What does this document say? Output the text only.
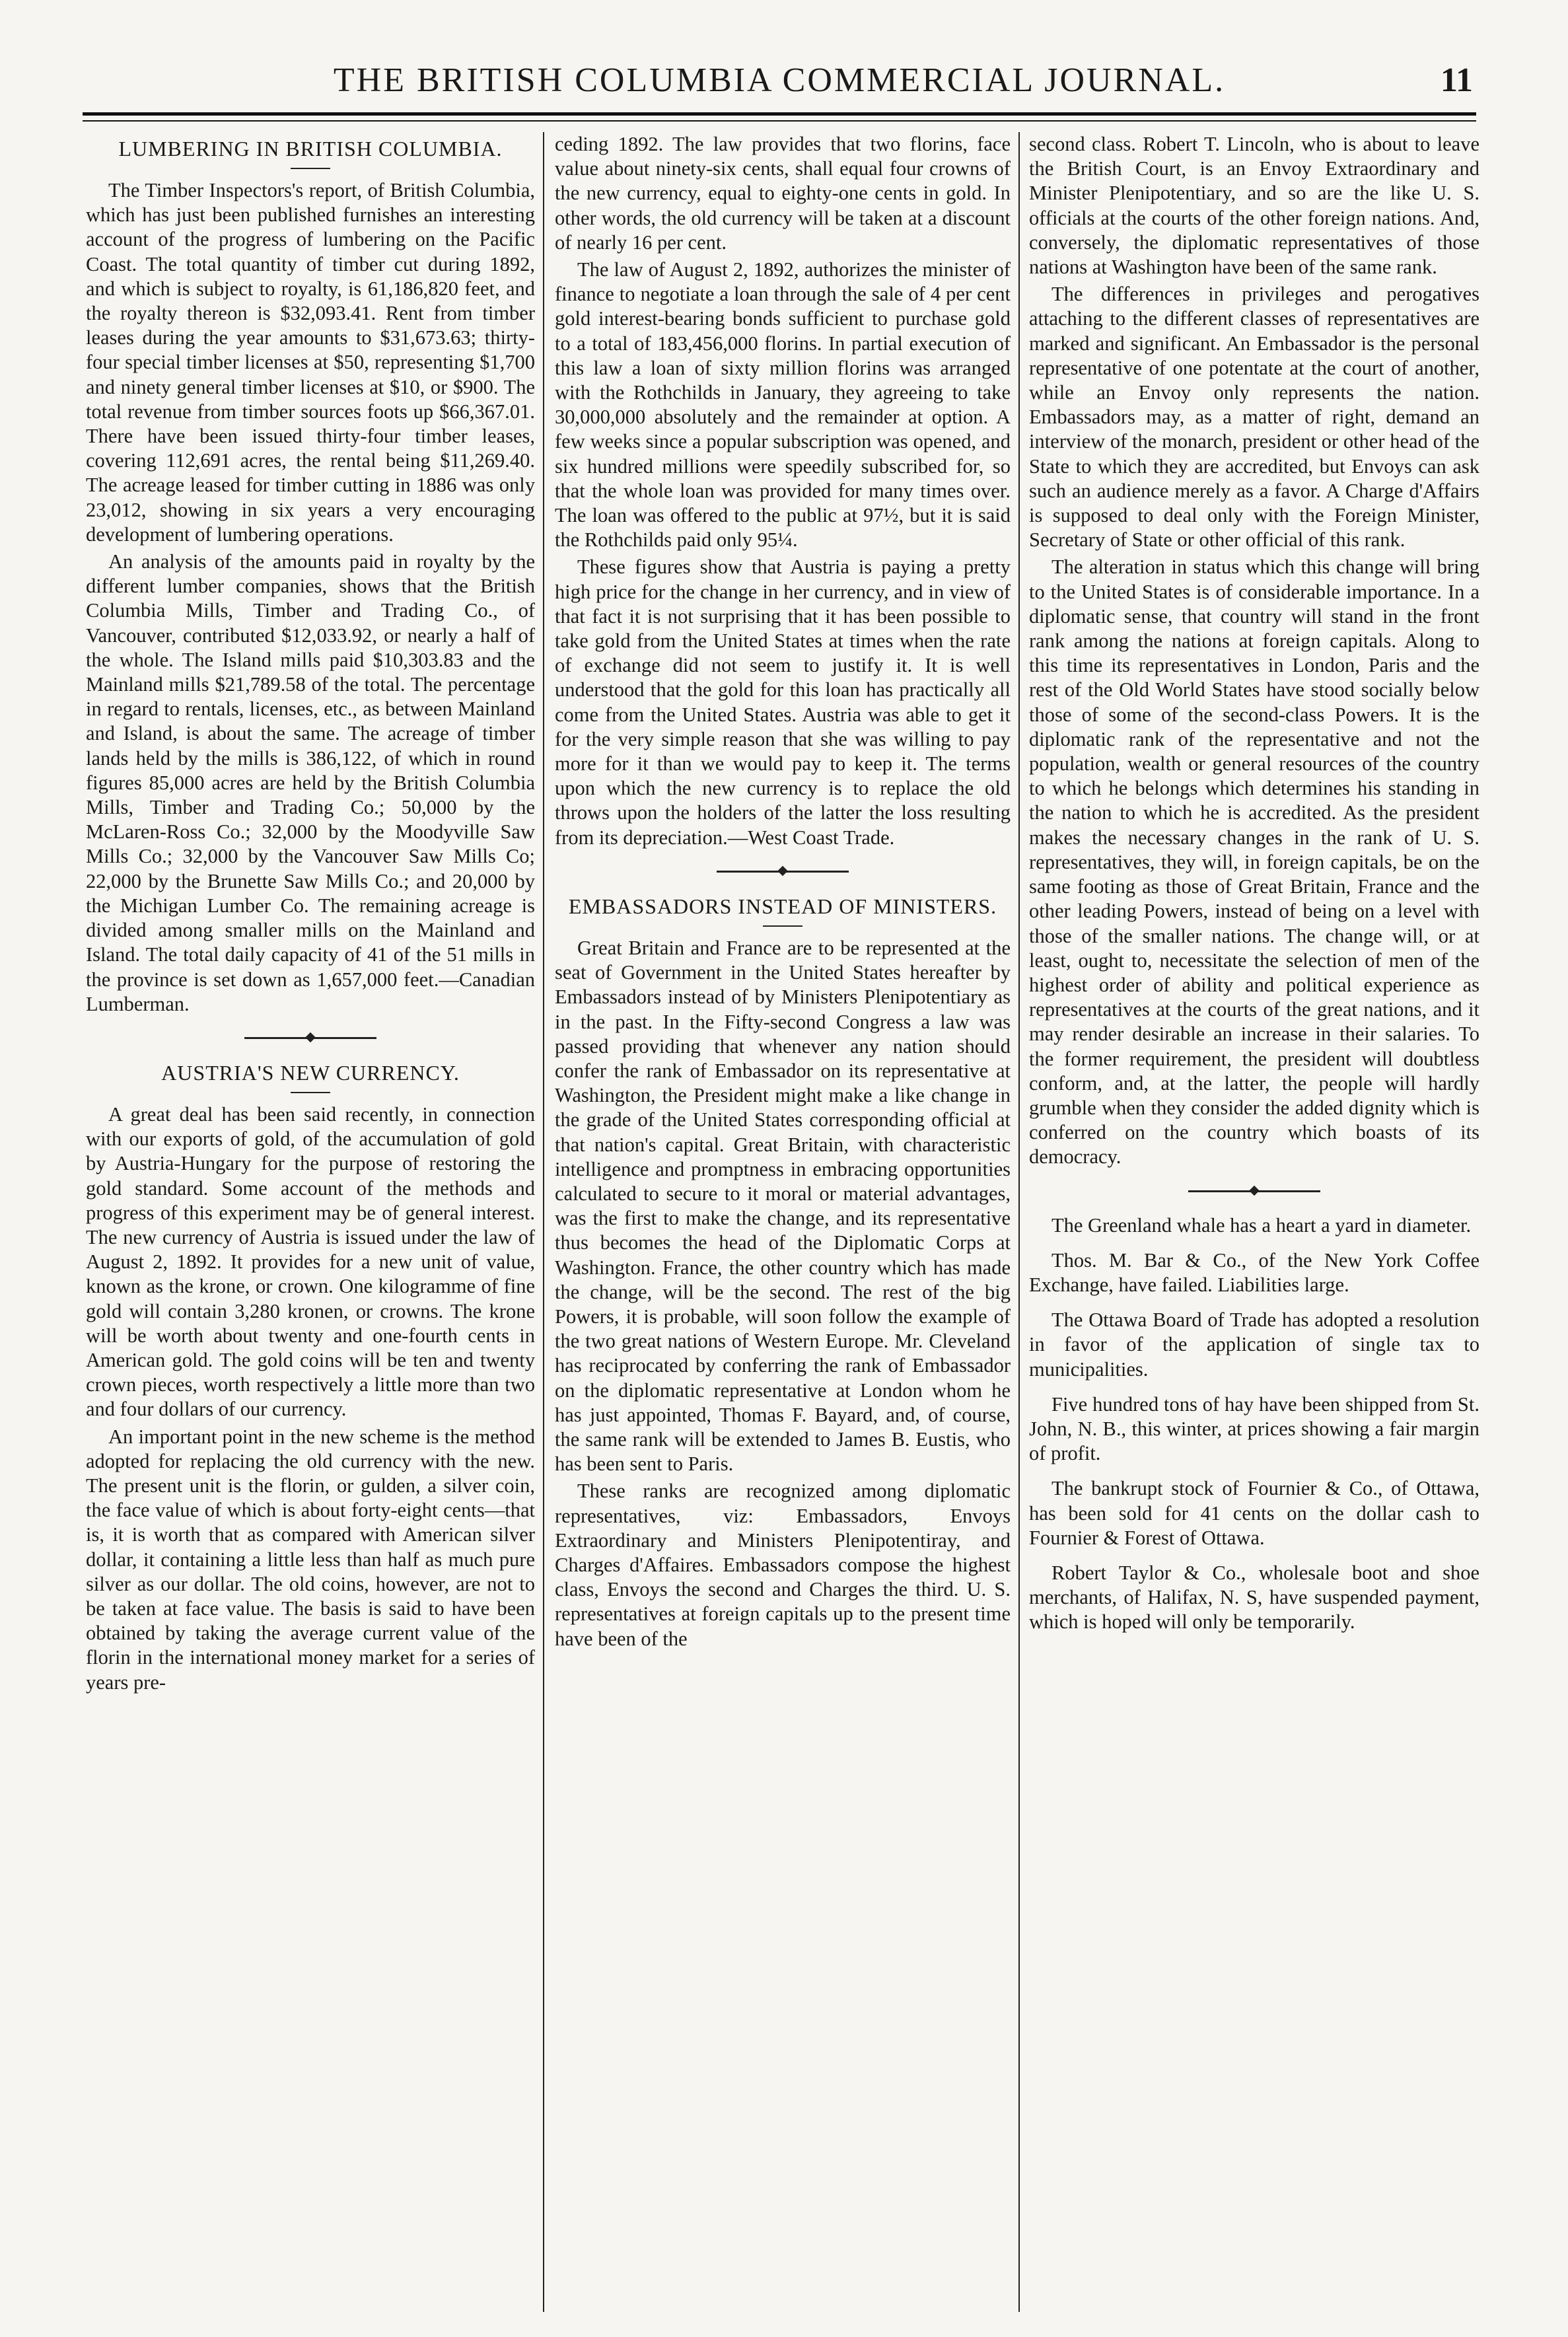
THE BRITISH COLUMBIA COMMERCIAL JOURNAL.	11
LUMBERING IN BRITISH COLUMBIA.

The Timber Inspectors's report, of British Columbia, which has just been published furnishes an interesting account of the progress of lumbering on the Pacific Coast. The total quantity of timber cut during 1892, and which is subject to royalty, is 61,186,820 feet, and the royalty thereon is $32,093.41. Rent from timber leases during the year amounts to $31,673.63; thirty-four special timber licenses at $50, representing $1,700 and ninety general timber licenses at $10, or $900. The total revenue from timber sources foots up $66,367.01. There have been issued thirty-four timber leases, covering 112,691 acres, the rental being $11,269.40. The acreage leased for timber cutting in 1886 was only 23,012, showing in six years a very encouraging development of lumbering operations.

An analysis of the amounts paid in royalty by the different lumber companies, shows that the British Columbia Mills, Timber and Trading Co., of Vancouver, contributed $12,033.92, or nearly a half of the whole. The Island mills paid $10,303.83 and the Mainland mills $21,789.58 of the total. The percentage in regard to rentals, licenses, etc., as between Mainland and Island, is about the same. The acreage of timber lands held by the mills is 386,122, of which in round figures 85,000 acres are held by the British Columbia Mills, Timber and Trading Co.; 50,000 by the McLaren-Ross Co.; 32,000 by the Moodyville Saw Mills Co.; 32,000 by the Vancouver Saw Mills Co; 22,000 by the Brunette Saw Mills Co.; and 20,000 by the Michigan Lumber Co. The remaining acreage is divided among smaller mills on the Mainland and Island. The total daily capacity of 41 of the 51 mills in the province is set down as 1,657,000 feet.—Canadian Lumberman.

AUSTRIA'S NEW CURRENCY.

A great deal has been said recently, in connection with our exports of gold, of the accumulation of gold by Austria-Hungary for the purpose of restoring the gold standard. Some account of the methods and progress of this experiment may be of general interest. The new currency of Austria is issued under the law of August 2, 1892. It provides for a new unit of value, known as the krone, or crown. One kilogramme of fine gold will contain 3,280 kronen, or crowns. The krone will be worth about twenty and one-fourth cents in American gold. The gold coins will be ten and twenty crown pieces, worth respectively a little more than two and four dollars of our currency.

An important point in the new scheme is the method adopted for replacing the old currency with the new. The present unit is the florin, or gulden, a silver coin, the face value of which is about forty-eight cents—that is, it is worth that as compared with American silver dollar, it containing a little less than half as much pure silver as our dollar. The old coins, however, are not to be taken at face value. The basis is said to have been obtained by taking the average current value of the florin in the international money market for a series of years pre-

ceding 1892. The law provides that two florins, face value about ninety-six cents, shall equal four crowns of the new currency, equal to eighty-one cents in gold. In other words, the old currency will be taken at a discount of nearly 16 per cent.

The law of August 2, 1892, authorizes the minister of finance to negotiate a loan through the sale of 4 per cent gold interest-bearing bonds sufficient to purchase gold to a total of 183,456,000 florins. In partial execution of this law a loan of sixty million florins was arranged with the Rothchilds in January, they agreeing to take 30,000,000 absolutely and the remainder at option. A few weeks since a popular subscription was opened, and six hundred millions were speedily subscribed for, so that the whole loan was provided for many times over. The loan was offered to the public at 97½, but it is said the Rothchilds paid only 95¼.

These figures show that Austria is paying a pretty high price for the change in her currency, and in view of that fact it is not surprising that it has been possible to take gold from the United States at times when the rate of exchange did not seem to justify it. It is well understood that the gold for this loan has practically all come from the United States. Austria was able to get it for the very simple reason that she was willing to pay more for it than we would pay to keep it. The terms upon which the new currency is to replace the old throws upon the holders of the latter the loss resulting from its depreciation.—West Coast Trade.

EMBASSADORS INSTEAD OF MINISTERS.

Great Britain and France are to be represented at the seat of Government in the United States hereafter by Embassadors instead of by Ministers Plenipotentiary as in the past. In the Fifty-second Congress a law was passed providing that whenever any nation should confer the rank of Embassador on its representative at Washington, the President might make a like change in the grade of the United States corresponding official at that nation's capital. Great Britain, with characteristic intelligence and promptness in embracing opportunities calculated to secure to it moral or material advantages, was the first to make the change, and its representative thus becomes the head of the Diplomatic Corps at Washington. France, the other country which has made the change, will be the second. The rest of the big Powers, it is probable, will soon follow the example of the two great nations of Western Europe. Mr. Cleveland has reciprocated by conferring the rank of Embassador on the diplomatic representative at London whom he has just appointed, Thomas F. Bayard, and, of course, the same rank will be extended to James B. Eustis, who has been sent to Paris.

These ranks are recognized among diplomatic representatives, viz: Embassadors, Envoys Extraordinary and Ministers Plenipotentiray, and Charges d'Affaires. Embassadors compose the highest class, Envoys the second and Charges the third. U. S. representatives at foreign capitals up to the present time have been of the

second class. Robert T. Lincoln, who is about to leave the British Court, is an Envoy Extraordinary and Minister Plenipotentiary, and so are the like U. S. officials at the courts of the other foreign nations. And, conversely, the diplomatic representatives of those nations at Washington have been of the same rank.

The differences in privileges and perogatives attaching to the different classes of representatives are marked and significant. An Embassador is the personal representative of one potentate at the court of another, while an Envoy only represents the nation. Embassadors may, as a matter of right, demand an interview of the monarch, president or other head of the State to which they are accredited, but Envoys can ask such an audience merely as a favor. A Charge d'Affairs is supposed to deal only with the Foreign Minister, Secretary of State or other official of this rank.

The alteration in status which this change will bring to the United States is of considerable importance. In a diplomatic sense, that country will stand in the front rank among the nations at foreign capitals. Along to this time its representatives in London, Paris and the rest of the Old World States have stood socially below those of some of the second-class Powers. It is the diplomatic rank of the representative and not the population, wealth or general resources of the country to which he belongs which determines his standing in the nation to which he is accredited. As the president makes the necessary changes in the rank of U. S. representatives, they will, in foreign capitals, be on the same footing as those of Great Britain, France and the other leading Powers, instead of being on a level with those of the smaller nations. The change will, or at least, ought to, necessitate the selection of men of the highest order of ability and political experience as representatives at the courts of the great nations, and it may render desirable an increase in their salaries. To the former requirement, the president will doubtless conform, and, at the latter, the people will hardly grumble when they consider the added dignity which is conferred on the country which boasts of its democracy.

The Greenland whale has a heart a yard in diameter.

Thos. M. Bar & Co., of the New York Coffee Exchange, have failed. Liabilities large.

The Ottawa Board of Trade has adopted a resolution in favor of the application of single tax to municipalities.

Five hundred tons of hay have been shipped from St. John, N. B., this winter, at prices showing a fair margin of profit.

The bankrupt stock of Fournier & Co., of Ottawa, has been sold for 41 cents on the dollar cash to Fournier & Forest of Ottawa.

Robert Taylor & Co., wholesale boot and shoe merchants, of Halifax, N. S, have suspended payment, which is hoped will only be temporarily.
